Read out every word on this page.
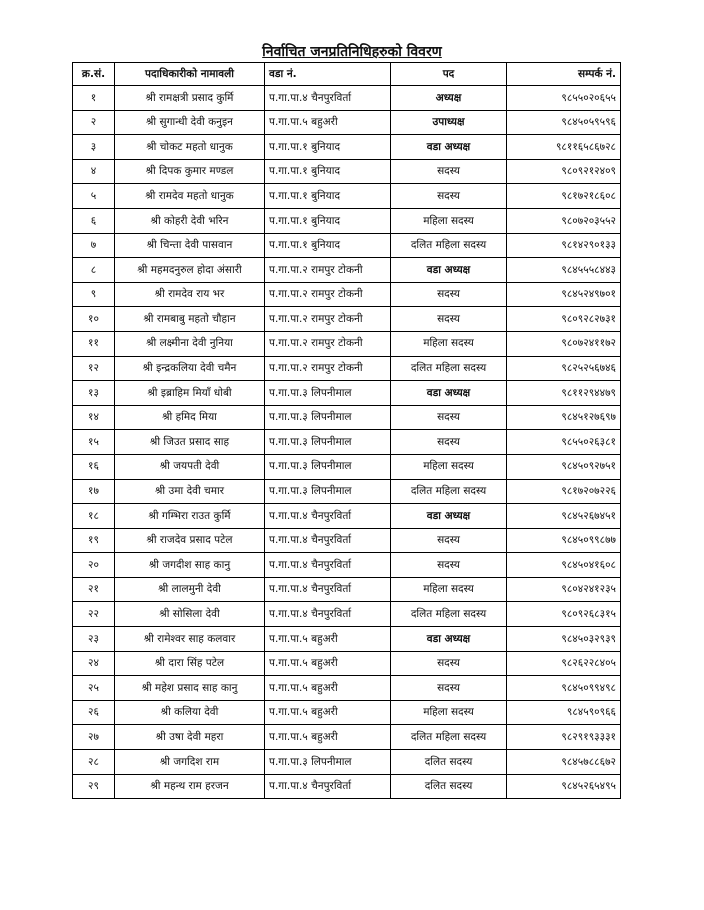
निर्वाचित जनप्रतिनिधिहरुको विवरण
क्र.सं.	पदाधिकारीको नामावली	वडा नं.	पद	सम्पर्क नं.
१	श्री रामक्षत्री प्रसाद कुर्मि	प.गा.पा.४ चैनपुरविर्ता	अध्यक्ष	९८५५०२०६५५
२	श्री सुगान्धी देवी कनुइन	प.गा.पा.५ बहुअरी	उपाध्यक्ष	९८४५०५९५९६
३	श्री चोकट महतो धानुक	प.गा.पा.१ बुनियाद	वडा अध्यक्ष	९८११६५८६७२८
४	श्री दिपक कुमार मण्डल	प.गा.पा.१ बुनियाद	सदस्य	९८०९२१२४०९
५	श्री रामदेव महतो धानुक	प.गा.पा.१ बुनियाद	सदस्य	९८१७२१८६०८
६	श्री कोहरी देवी भरिन	प.गा.पा.१ बुनियाद	महिला सदस्य	९८०७२०३५५२
७	श्री चिन्ता देवी पासवान	प.गा.पा.१ बुनियाद	दलित महिला सदस्य	९८१४२९०१३३
८	श्री महमदनुरुल होदा अंसारी	प.गा.पा.२ रामपुर टोकनी	वडा अध्यक्ष	९८४५५५८४४३
९	श्री रामदेव राय भर	प.गा.पा.२ रामपुर टोकनी	सदस्य	९८४५२४९७०१
१०	श्री रामबाबु महतो चौहान	प.गा.पा.२ रामपुर टोकनी	सदस्य	९८०९२८२७३१
११	श्री लक्ष्मीना देवी नुनिया	प.गा.पा.२ रामपुर टोकनी	महिला सदस्य	९८०७२४११७२
१२	श्री इन्द्रकलिया देवी चमैन	प.गा.पा.२ रामपुर टोकनी	दलित महिला सदस्य	९८२५२५६७४६
१३	श्री इब्राहिम मियाँ धोबी	प.गा.पा.३ लिपनीमाल	वडा अध्यक्ष	९८११२९४४७९
१४	श्री हमिद मिया	प.गा.पा.३ लिपनीमाल	सदस्य	९८४५१२७६९७
१५	श्री जिउत प्रसाद साह	प.गा.पा.३ लिपनीमाल	सदस्य	९८५५०२६३८१
१६	श्री जयपती देवी	प.गा.पा.३ लिपनीमाल	महिला सदस्य	९८४५०९२७५१
१७	श्री उमा देवी चमार	प.गा.पा.३ लिपनीमाल	दलित महिला सदस्य	९८१७२०७२२६
१८	श्री गम्भिरा राउत कुर्मि	प.गा.पा.४ चैनपुरविर्ता	वडा अध्यक्ष	९८४५२६७४५१
१९	श्री राजदेव प्रसाद पटेल	प.गा.पा.४ चैनपुरविर्ता	सदस्य	९८४५०९९८७७
२०	श्री जगदीश साह कानु	प.गा.पा.४ चैनपुरविर्ता	सदस्य	९८४५०४१६०८
२१	श्री लालमुनी देवी	प.गा.पा.४ चैनपुरविर्ता	महिला सदस्य	९८०४२४१२३५
२२	श्री सोसिला देवी	प.गा.पा.४ चैनपुरविर्ता	दलित महिला सदस्य	९८०९२६८३१५
२३	श्री रामेश्वर साह कलवार	प.गा.पा.५ बहुअरी	वडा अध्यक्ष	९८४५०३२९३९
२४	श्री दारा सिंह पटेल	प.गा.पा.५ बहुअरी	सदस्य	९८२६२२८४०५
२५	श्री महेश प्रसाद साह कानु	प.गा.पा.५ बहुअरी	सदस्य	९८४५०९९४९८
२६	श्री कलिया देवी	प.गा.पा.५ बहुअरी	महिला सदस्य	९८४५९०९६६
२७	श्री उषा देवी महरा	प.गा.पा.५ बहुअरी	दलित महिला सदस्य	९८२९१९३३३१
२८	श्री जगदिश राम	प.गा.पा.३ लिपनीमाल	दलित सदस्य	९८४५७८८६७२
२९	श्री महन्थ राम हरजन	प.गा.पा.४ चैनपुरविर्ता	दलित सदस्य	९८४५२६५४९५
